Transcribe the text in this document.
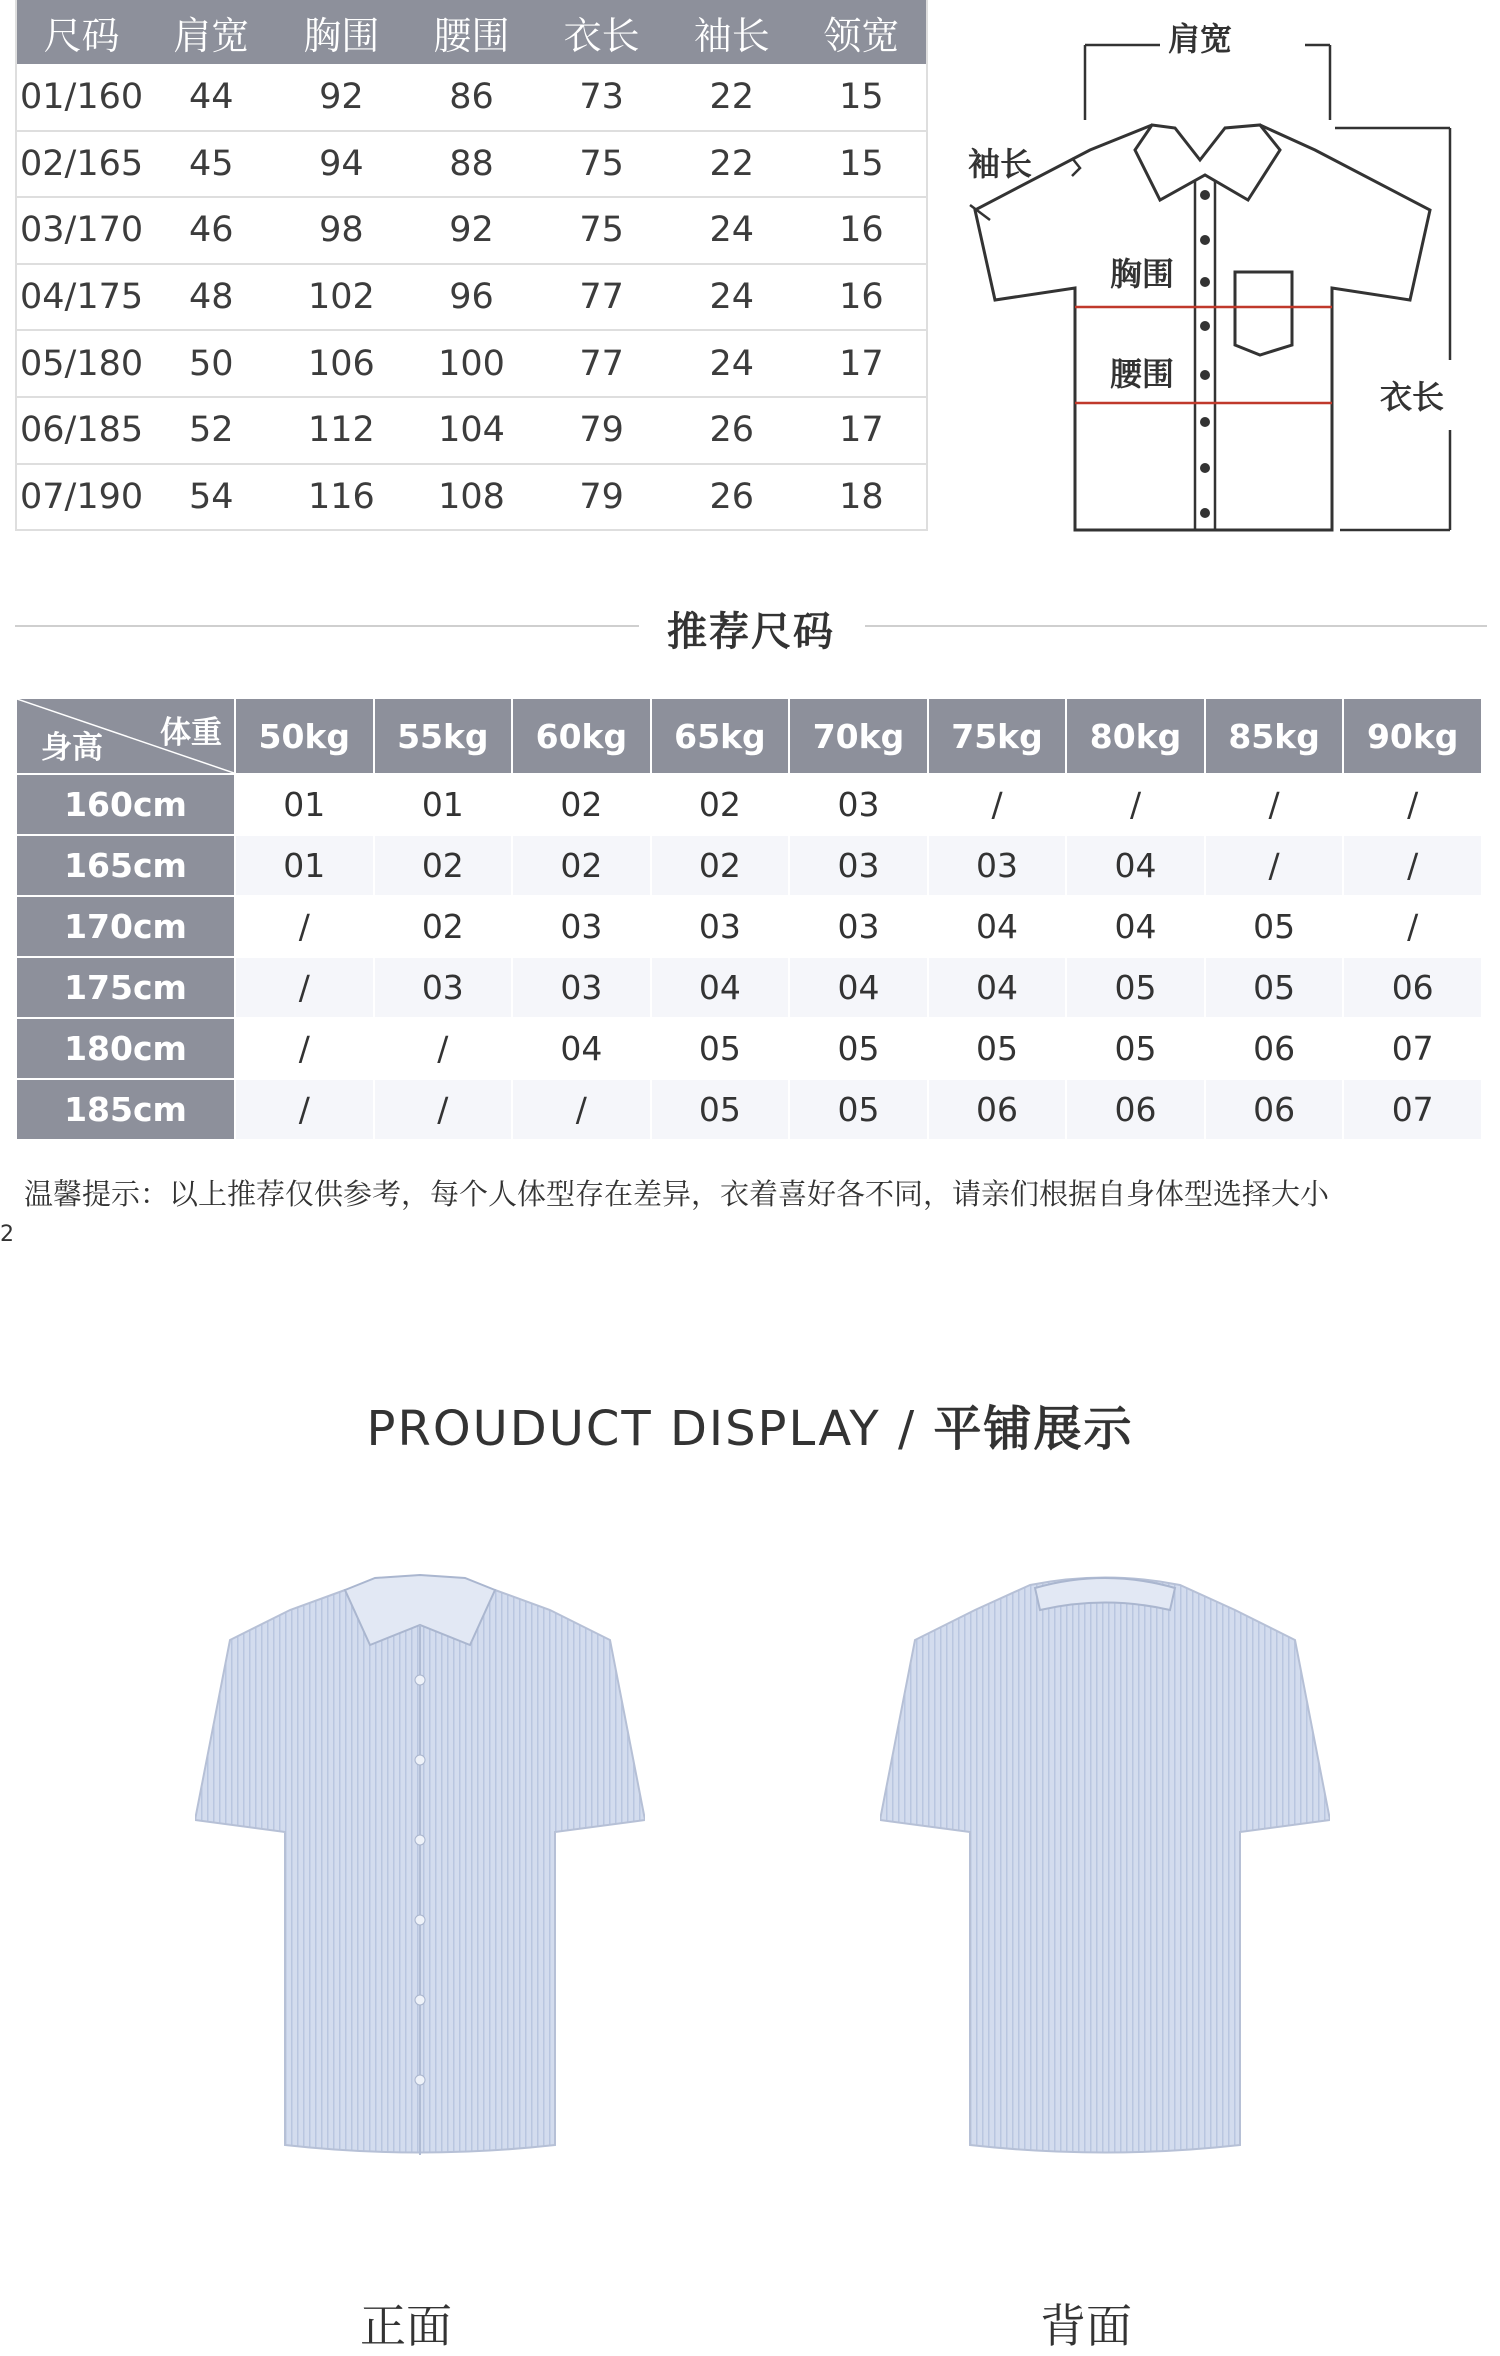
尺码	肩宽	胸围	腰围	衣长	袖长	领宽
01/160	44	92	86	73	22	15
02/165	45	94	88	75	22	15
03/170	46	98	92	75	24	16
04/175	48	102	96	77	24	16
05/180	50	106	100	77	24	17
06/185	52	112	104	79	26	17
07/190	54	116	108	79	26	18
肩宽
袖长
胸围
腰围
衣长
推荐尺码
体重
身高	50kg	55kg	60kg	65kg	70kg	75kg	80kg	85kg	90kg
160cm	01	01	02	02	03	/	/	/	/
165cm	01	02	02	02	03	03	04	/	/
170cm	/	02	03	03	03	04	04	05	/
175cm	/	03	03	04	04	04	05	05	06
180cm	/	/	04	05	05	05	05	06	07
185cm	/	/	/	05	05	06	06	06	07
温馨提示：以上推荐仅供参考，每个人体型存在差异，衣着喜好各不同，请亲们根据自身体型选择大小
2
PROUDUCT DISPLAY / 平铺展示
正面	背面
